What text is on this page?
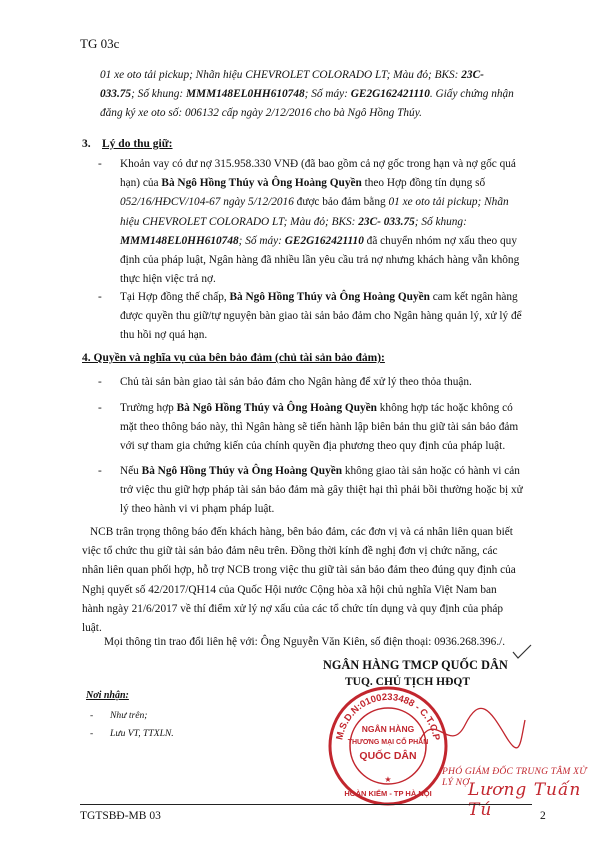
TG 03c
01 xe oto tải pickup; Nhãn hiệu CHEVROLET COLORADO LT; Màu đỏ; BKS: 23C-
033.75; Số khung: MMM148EL0HH610748; Số máy: GE2G162421110. Giấy chứng nhận
đăng ký xe oto số: 006132 cấp ngày 2/12/2016 cho bà Ngô Hồng Thúy.
3. Lý do thu giữ:
- Khoản vay có dư nợ 315.958.330 VNĐ (đã bao gồm cả nợ gốc trong hạn và nợ gốc quá
hạn) của Bà Ngô Hồng Thúy và Ông Hoàng Quyền theo Hợp đồng tín dụng số
052/16/HĐCV/104-67 ngày 5/12/2016 được bảo đảm bằng 01 xe oto tải pickup; Nhãn
hiệu CHEVROLET COLORADO LT; Màu đỏ; BKS: 23C- 033.75; Số khung:
MMM148EL0HH610748; Số máy: GE2G162421110 đã chuyển nhóm nợ xấu theo quy
định của pháp luật, Ngân hàng đã nhiều lần yêu cầu trả nợ nhưng khách hàng vẫn không
thực hiện việc trả nợ.
- Tại Hợp đồng thế chấp, Bà Ngô Hồng Thúy và Ông Hoàng Quyền cam kết ngân hàng
được quyền thu giữ/tự nguyện bàn giao tài sản bảo đảm cho Ngân hàng quản lý, xử lý để
thu hồi nợ quá hạn.
4. Quyền và nghĩa vụ của bên bảo đảm (chủ tài sản bảo đảm):
- Chủ tài sản bàn giao tài sản bảo đảm cho Ngân hàng để xử lý theo thỏa thuận.
- Trường hợp Bà Ngô Hồng Thúy và Ông Hoàng Quyền không hợp tác hoặc không có
mặt theo thông báo này, thì Ngân hàng sẽ tiến hành lập biên bản thu giữ tài sản bảo đảm
với sự tham gia chứng kiến của chính quyền địa phương theo quy định của pháp luật.
- Nếu Bà Ngô Hồng Thúy và Ông Hoàng Quyền không giao tài sản hoặc có hành vi cản
trở việc thu giữ hợp pháp tài sản bảo đảm mà gây thiệt hại thì phải bồi thường hoặc bị xử
lý theo hành vi vi phạm pháp luật.
NCB trân trọng thông báo đến khách hàng, bên bảo đảm, các đơn vị và cá nhân liên quan biết
việc tổ chức thu giữ tài sản bảo đảm nêu trên. Đồng thời kính đề nghị đơn vị chức năng, các
nhân liên quan phối hợp, hỗ trợ NCB trong việc thu giữ tài sản bảo đảm theo đúng quy định của
Nghị quyết số 42/2017/QH14 của Quốc Hội nước Cộng hòa xã hội chủ nghĩa Việt Nam ban
hành ngày 21/6/2017 về thí điểm xử lý nợ xấu của các tổ chức tín dụng và quy định của pháp
luật.
Mọi thông tin trao đổi liên hệ với: Ông Nguyễn Văn Kiên, số điện thoại: 0936.268.396./.
NGÂN HÀNG TMCP QUỐC DÂN
TUQ. CHỦ TỊCH HĐQT
M.S.D.N:0100233488 - C.T.C.P
NGÂN HÀNG
THƯƠNG MẠI CỔ PHẦN
QUỐC DÂN
HOÀN KIẾM - TP HÀ NỘI
★
PHÓ GIÁM ĐỐC TRUNG TÂM XỬ LÝ NỢ
Lương Tuấn Tú
Nơi nhận:
- Như trên;
- Lưu VT, TTXLN.
TGTSBĐ-MB 03	2
